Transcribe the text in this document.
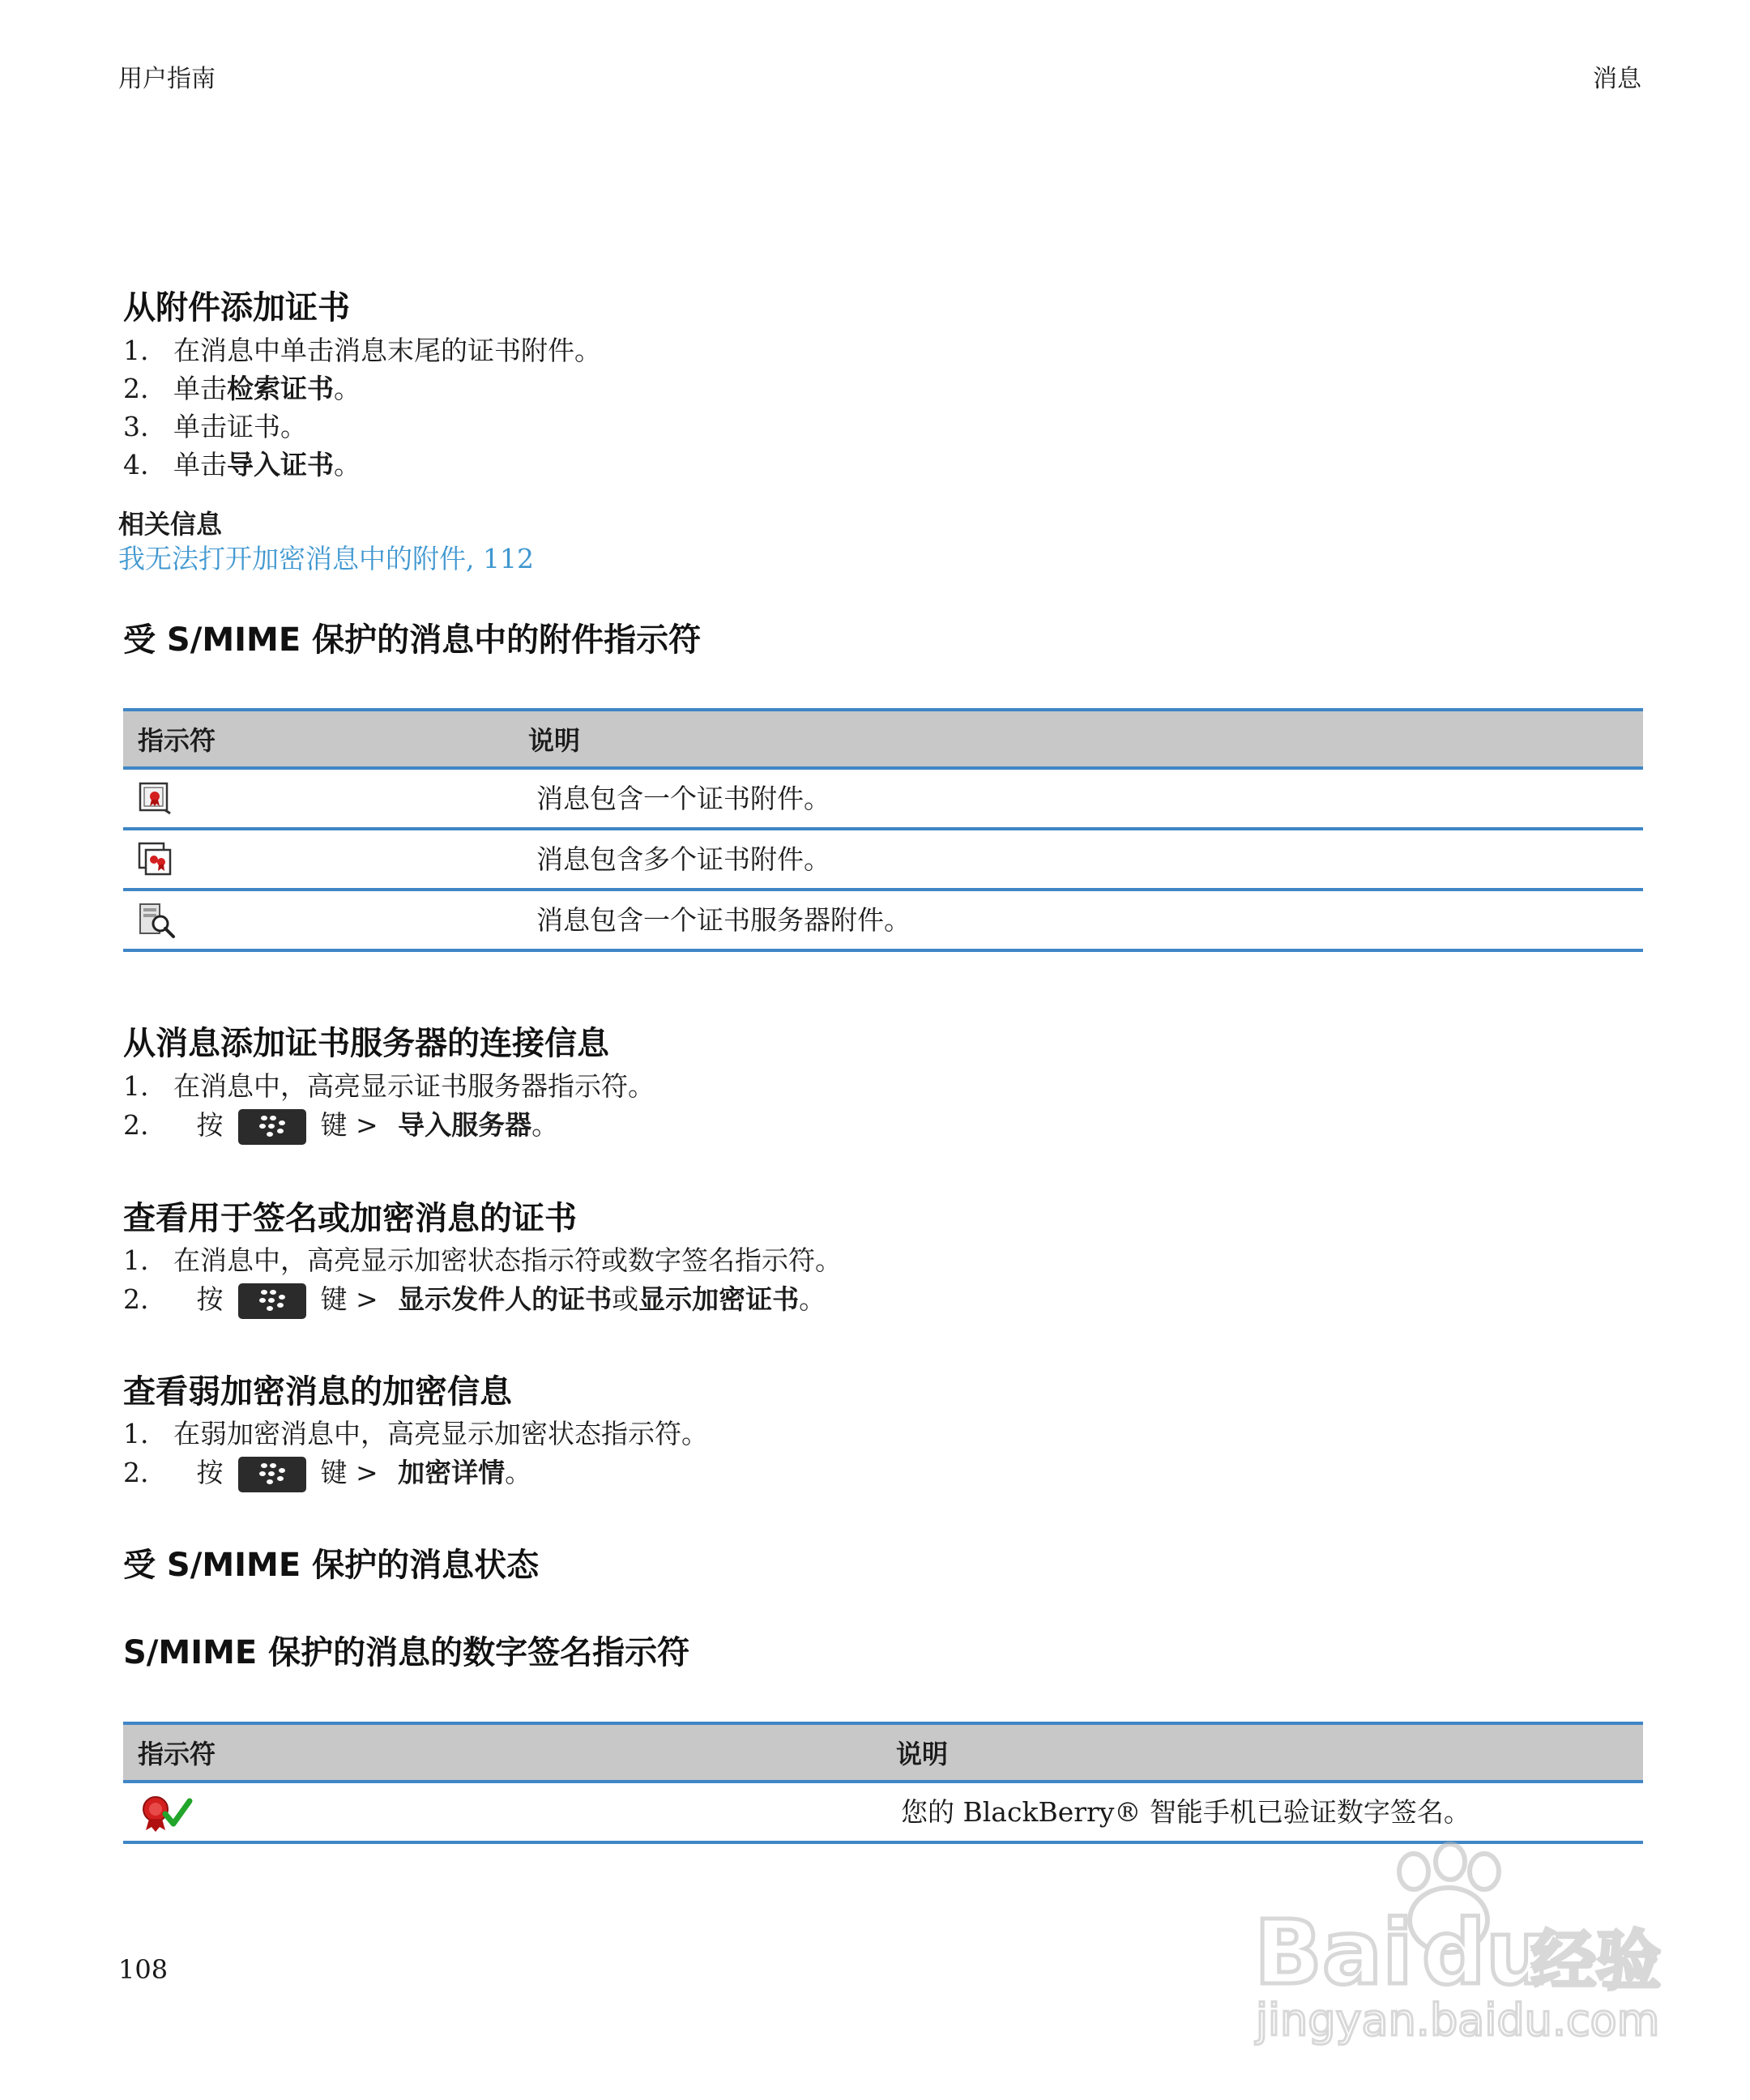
用户指南	消息
从附件添加证书
1. 在消息中单击消息末尾的证书附件。
2. 单击检索证书。
3. 单击证书。
4. 单击导入证书。
相关信息
我无法打开加密消息中的附件, 112
受 S/MIME 保护的消息中的附件指示符
指示符	说明
	消息包含一个证书附件。
	消息包含多个证书附件。
	消息包含一个证书服务器附件。
从消息添加证书服务器的连接信息
1. 在消息中，高亮显示证书服务器指示符。
2. 按	键 > 导入服务器。
查看用于签名或加密消息的证书
1. 在消息中，高亮显示加密状态指示符或数字签名指示符。
2. 按	键 > 显示发件人的证书或显示加密证书。
查看弱加密消息的加密信息
1. 在弱加密消息中，高亮显示加密状态指示符。
2. 按	键 > 加密详情。
受 S/MIME 保护的消息状态
S/MIME 保护的消息的数字签名指示符
指示符	说明
	您的 BlackBerry® 智能手机已验证数字签名。
108	Bai du
经验
jingyan.baidu.com
